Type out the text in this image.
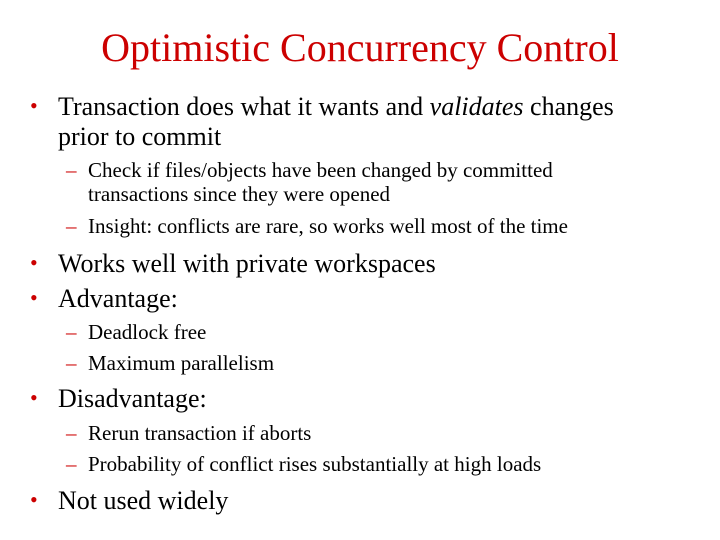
Optimistic Concurrency Control
• Transaction does what it wants and validates changes
prior to commit
– Check if files/objects have been changed by committed
transactions since they were opened
– Insight: conflicts are rare, so works well most of the time
• Works well with private workspaces
• Advantage:
– Deadlock free
– Maximum parallelism
• Disadvantage:
– Rerun transaction if aborts
– Probability of conflict rises substantially at high loads
• Not used widely
